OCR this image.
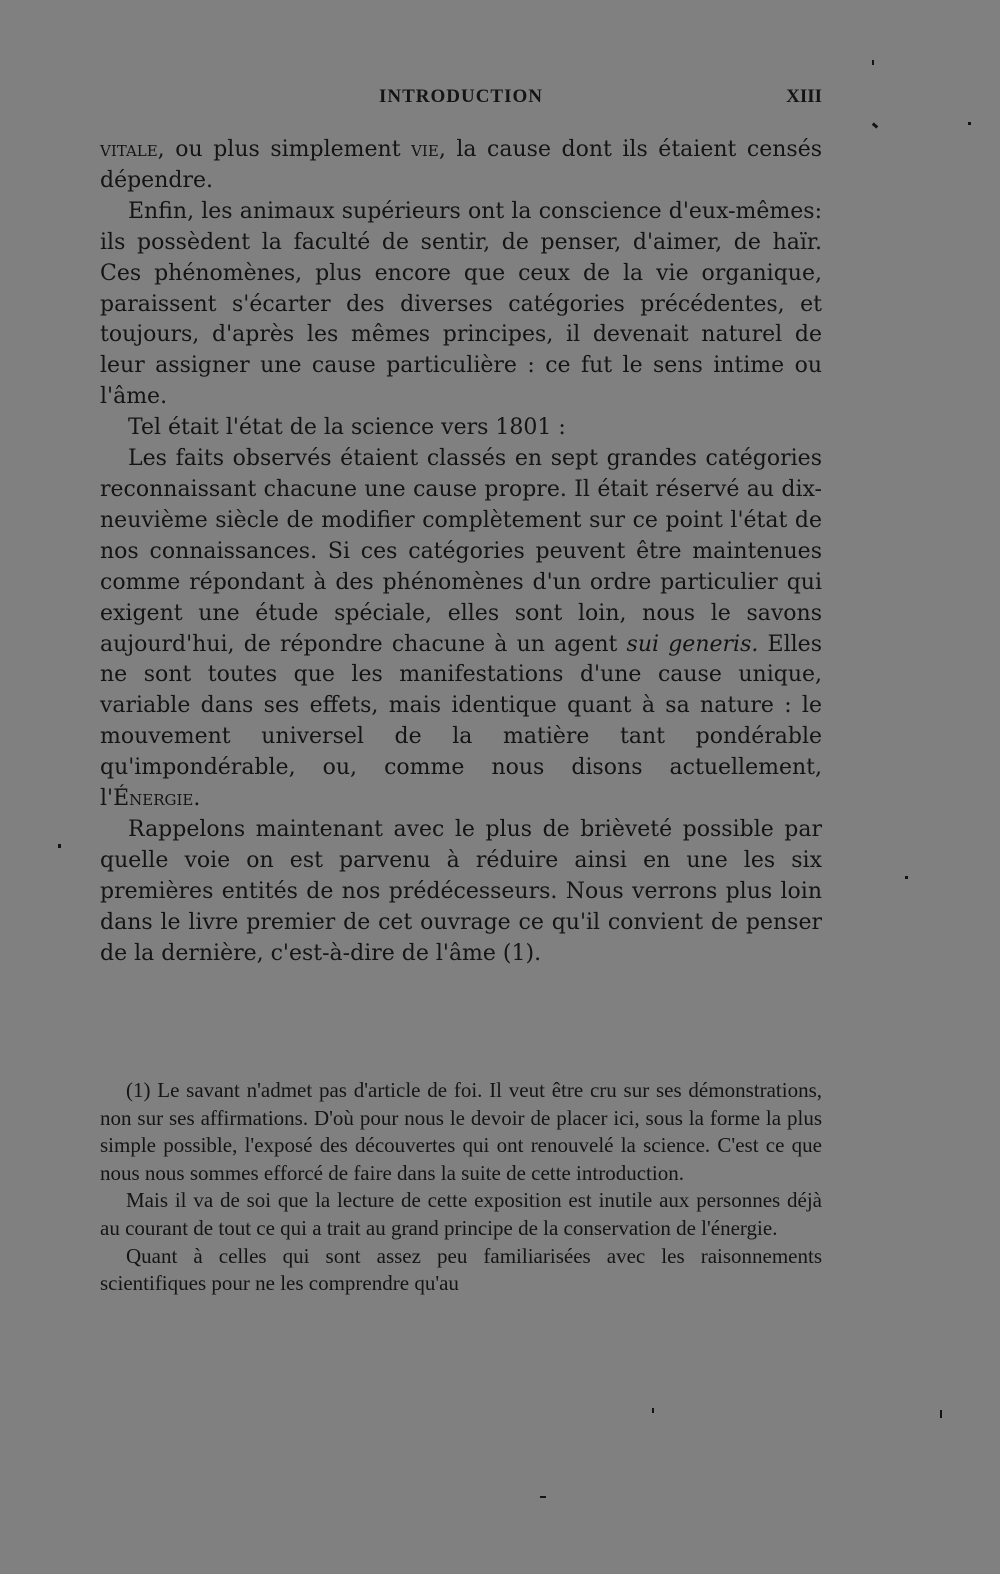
INTRODUCTION	XIII

vitale, ou plus simplement vie, la cause dont ils étaient censés dépendre.

Enfin, les animaux supérieurs ont la conscience d'eux-mêmes: ils possèdent la faculté de sentir, de penser, d'aimer, de haïr. Ces phénomènes, plus encore que ceux de la vie organique, paraissent s'écarter des diverses catégories précédentes, et toujours, d'après les mêmes principes, il devenait naturel de leur assigner une cause particulière : ce fut le sens intime ou l'âme.

Tel était l'état de la science vers 1801 :

Les faits observés étaient classés en sept grandes catégories reconnaissant chacune une cause propre. Il était réservé au dix-neuvième siècle de modifier complètement sur ce point l'état de nos connaissances. Si ces catégories peuvent être maintenues comme répondant à des phénomènes d'un ordre particulier qui exigent une étude spéciale, elles sont loin, nous le savons aujourd'hui, de répondre chacune à un agent sui generis. Elles ne sont toutes que les manifestations d'une cause unique, variable dans ses effets, mais identique quant à sa nature : le mouvement universel de la matière tant pondérable qu'impondérable, ou, comme nous disons actuellement, l'Énergie.

Rappelons maintenant avec le plus de brièveté possible par quelle voie on est parvenu à réduire ainsi en une les six premières entités de nos prédécesseurs. Nous verrons plus loin dans le livre premier de cet ouvrage ce qu'il convient de penser de la dernière, c'est-à-dire de l'âme (1).

(1) Le savant n'admet pas d'article de foi. Il veut être cru sur ses démonstrations, non sur ses affirmations. D'où pour nous le devoir de placer ici, sous la forme la plus simple possible, l'exposé des découvertes qui ont renouvelé la science. C'est ce que nous nous sommes efforcé de faire dans la suite de cette introduction.

Mais il va de soi que la lecture de cette exposition est inutile aux personnes déjà au courant de tout ce qui a trait au grand principe de la conservation de l'énergie.

Quant à celles qui sont assez peu familiarisées avec les raisonnements scientifiques pour ne les comprendre qu'au
